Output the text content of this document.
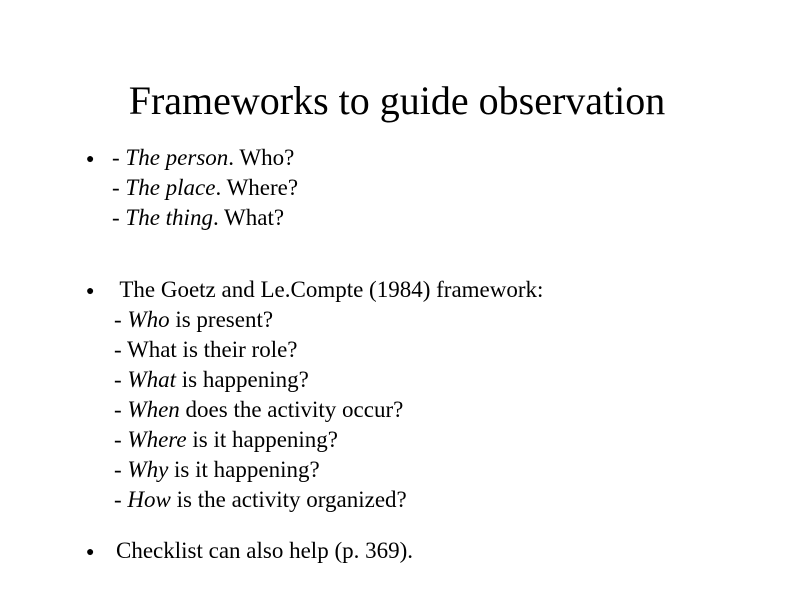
Frameworks to guide observation
● - The person. Who?
- The place. Where?
- The thing. What?
● The Goetz and Le.Compte (1984) framework:
- Who is present?
- What is their role?
- What is happening?
- When does the activity occur?
- Where is it happening?
- Why is it happening?
- How is the activity organized?
● Checklist can also help (p. 369).
